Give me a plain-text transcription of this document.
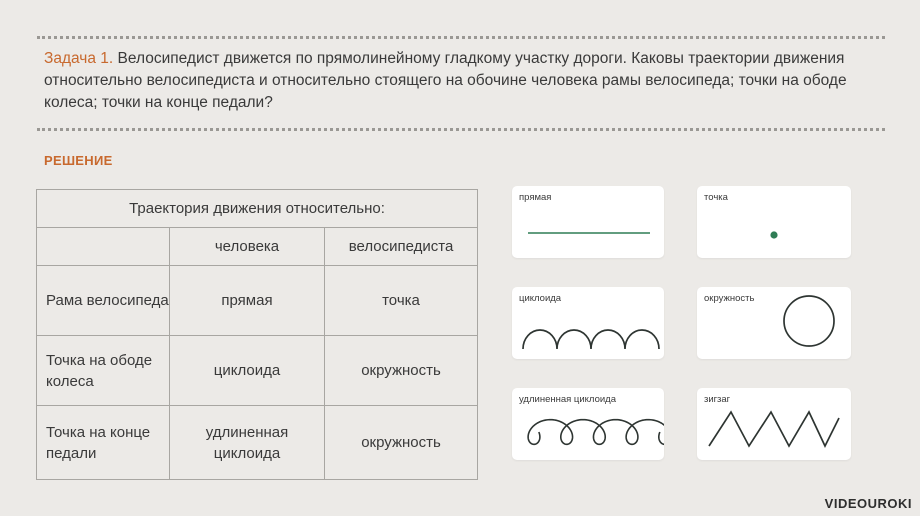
Задача 1. Велосипедист движется по прямолинейному гладкому участку дороги. Каковы траектории движения относительно велосипедиста и относительно стоящего на обочине человека рамы велосипеда; точки на ободе колеса; точки на конце педали?
РЕШЕНИЕ
Траектория движения относительно:		
	человека	велосипедиста
Рама велосипеда	прямая	точка
Точка на ободе колеса	циклоида	окружность
Точка на конце педали	удлиненная циклоида	окружность
прямая	точка
циклоида	окружность
удлиненная циклоида	зигзаг
VIDEOUROKI
